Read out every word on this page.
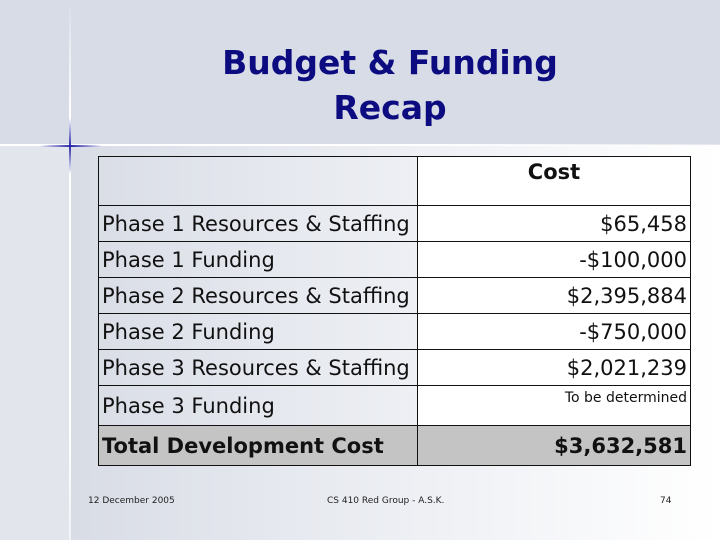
Budget & Funding
Recap
	Cost
Phase 1 Resources & Staffing	$65,458
Phase 1 Funding	-$100,000
Phase 2 Resources & Staffing	$2,395,884
Phase 2 Funding	-$750,000
Phase 3 Resources & Staffing	$2,021,239
Phase 3 Funding	To be determined
Total Development Cost	$3,632,581
12 December 2005	CS 410 Red Group - A.S.K.	74
